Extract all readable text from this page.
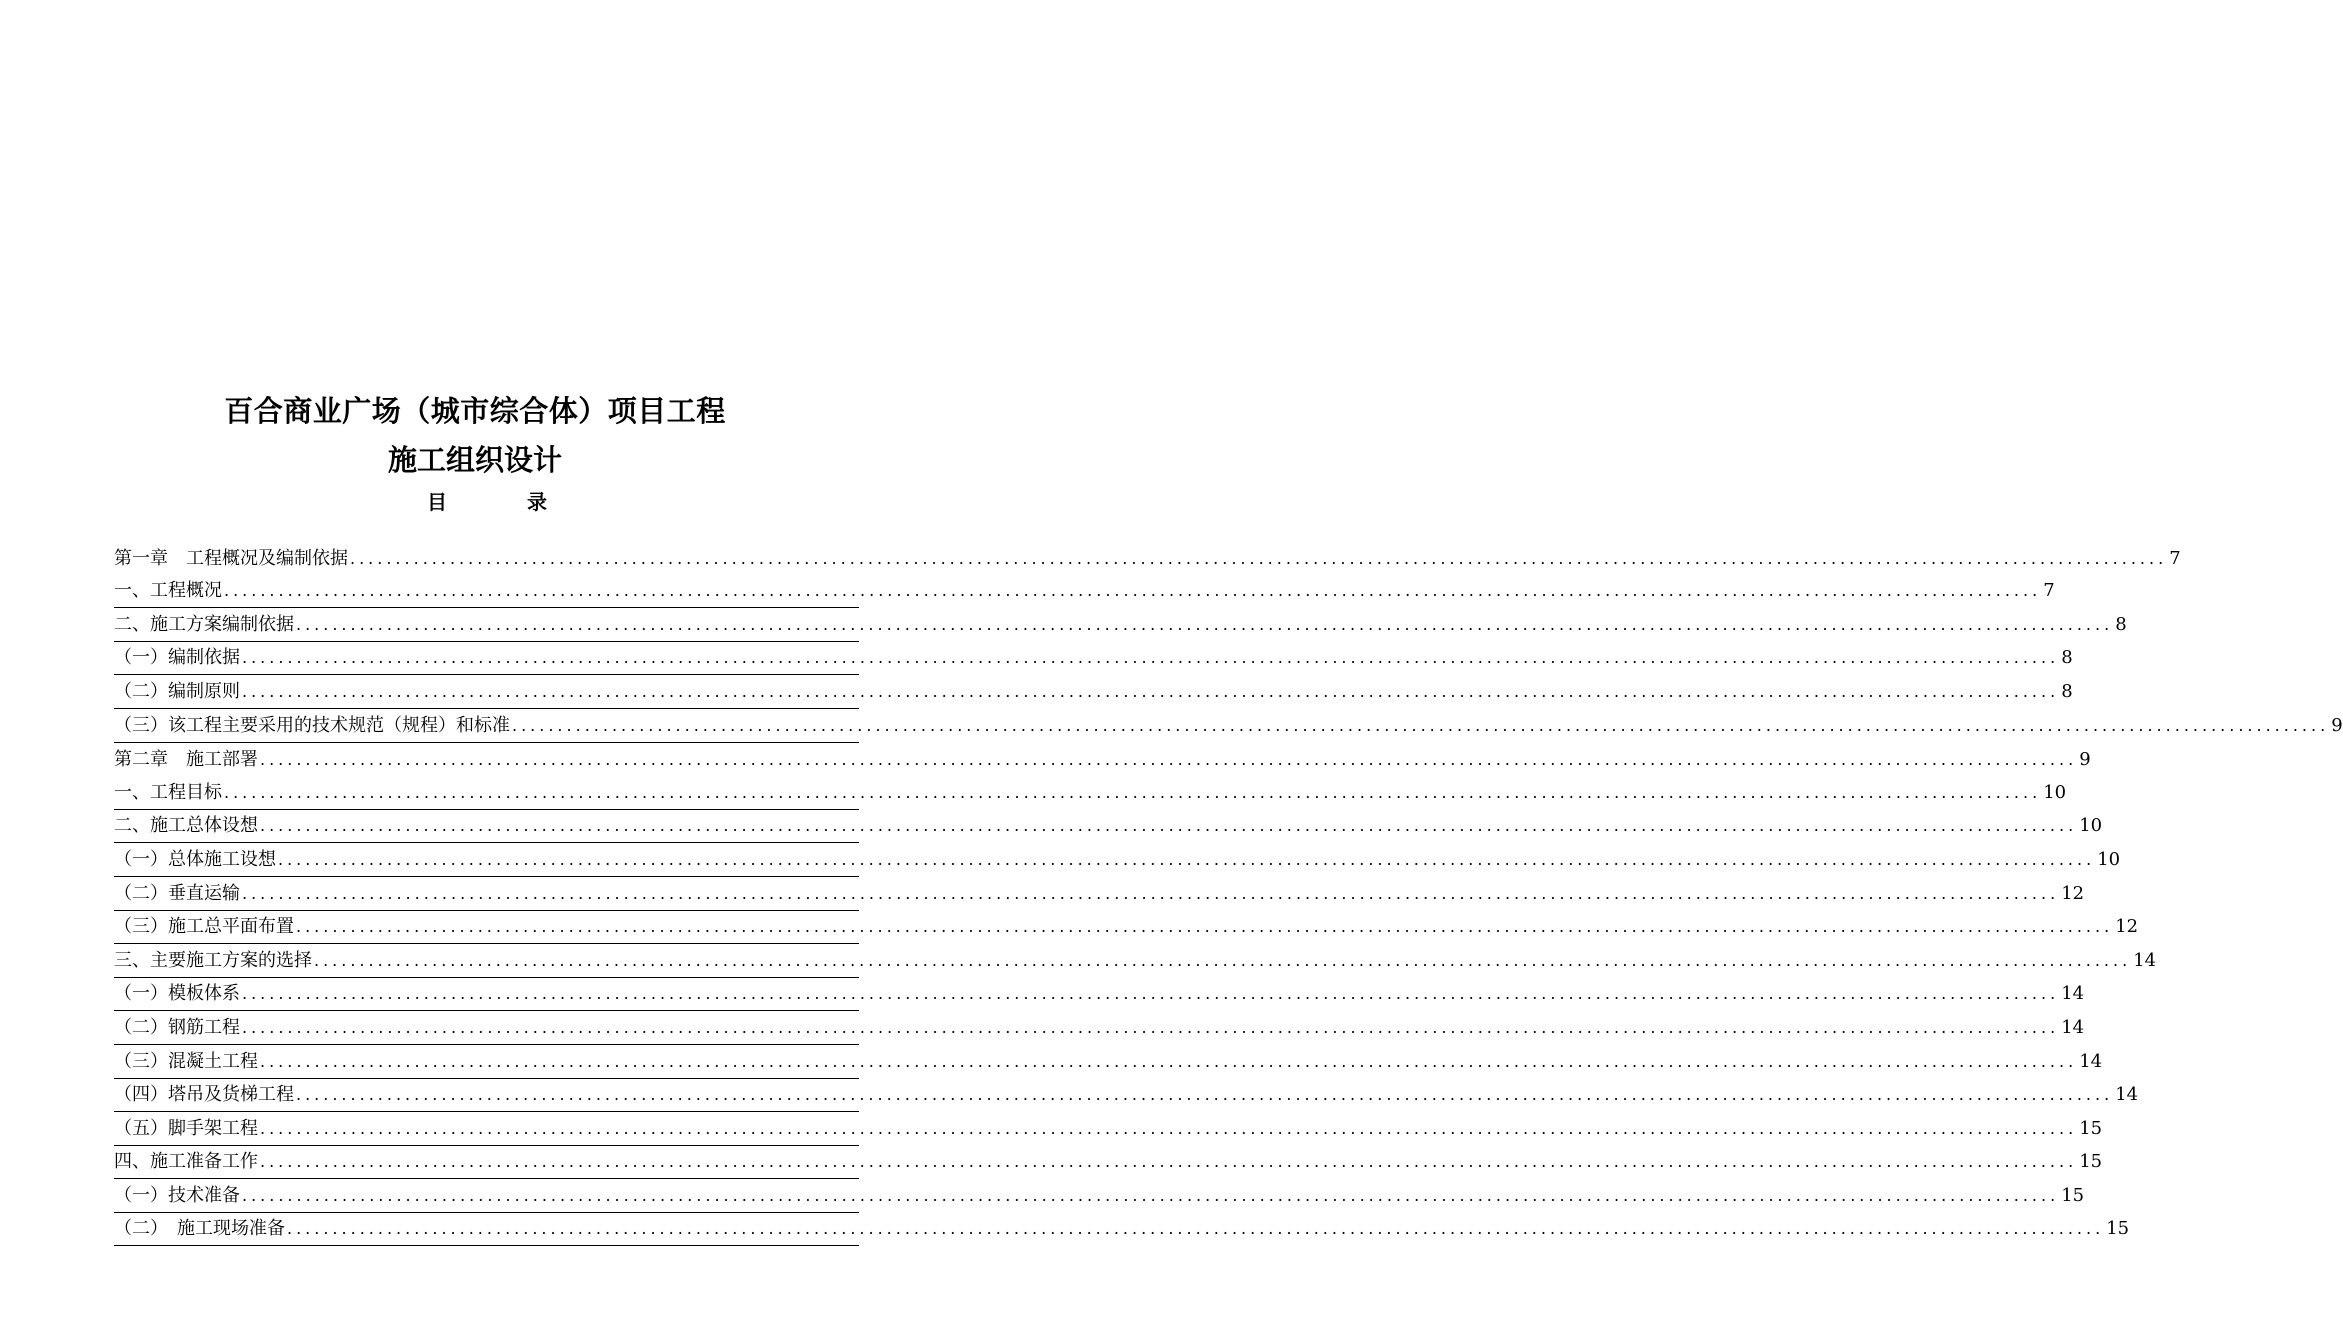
百合商业广场（城市综合体）项目工程
施工组织设计
目	录
第一章　工程概况及编制依据 ........................................................................................................................................................................................................ 7
一、工程概况 ........................................................................................................................................................................................................ 7
二、施工方案编制依据 ........................................................................................................................................................................................................ 8
（一）编制依据 ........................................................................................................................................................................................................ 8
（二）编制原则 ........................................................................................................................................................................................................ 8
（三）该工程主要采用的技术规范（规程）和标准 ........................................................................................................................................................................................................ 9
第二章　施工部署 ........................................................................................................................................................................................................ 9
一、工程目标 ........................................................................................................................................................................................................ 10
二、施工总体设想 ........................................................................................................................................................................................................ 10
（一）总体施工设想 ........................................................................................................................................................................................................ 10
（二）垂直运输 ........................................................................................................................................................................................................ 12
（三）施工总平面布置 ........................................................................................................................................................................................................ 12
三、主要施工方案的选择 ........................................................................................................................................................................................................ 14
（一）模板体系 ........................................................................................................................................................................................................ 14
（二）钢筋工程 ........................................................................................................................................................................................................ 14
（三）混凝土工程 ........................................................................................................................................................................................................ 14
（四）塔吊及货梯工程 ........................................................................................................................................................................................................ 14
（五）脚手架工程 ........................................................................................................................................................................................................ 15
四、施工准备工作 ........................................................................................................................................................................................................ 15
（一）技术准备 ........................................................................................................................................................................................................ 15
（二）　施工现场准备 ........................................................................................................................................................................................................ 15
